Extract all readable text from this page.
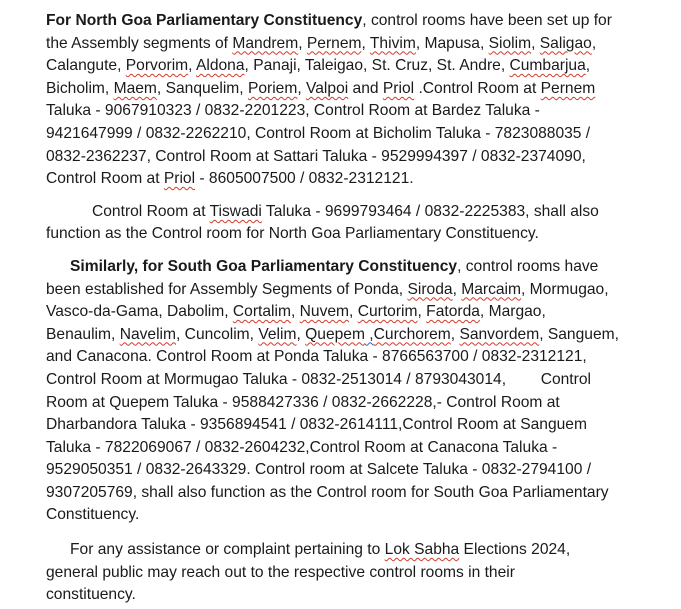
For North Goa Parliamentary Constituency, control rooms have been set up for
the Assembly segments of Mandrem, Pernem, Thivim, Mapusa, Siolim, Saligao,
Calangute, Porvorim, Aldona, Panaji, Taleigao, St. Cruz, St. Andre, Cumbarjua,
Bicholim, Maem, Sanquelim, Poriem, Valpoi and Priol .Control Room at Pernem
Taluka - 9067910323 / 0832-2201223, Control Room at Bardez Taluka -
9421647999 / 0832-2262210, Control Room at Bicholim Taluka - 7823088035 /
0832-2362237, Control Room at Sattari Taluka - 9529994397 / 0832-2374090,
Control Room at Priol - 8605007500 / 0832-2312121.
Control Room at Tiswadi Taluka - 9699793464 / 0832-2225383, shall also
function as the Control room for North Goa Parliamentary Constituency.
Similarly, for South Goa Parliamentary Constituency, control rooms have
been established for Assembly Segments of Ponda, Siroda, Marcaim, Mormugao,
Vasco-da-Gama, Dabolim, Cortalim, Nuvem, Curtorim, Fatorda, Margao,
Benaulim, Navelim, Cuncolim, Velim, Quepem ,Curchorem, Sanvordem, Sanguem,
and Canacona. Control Room at Ponda Taluka - 8766563700 / 0832-2312121,
Control Room at Mormugao Taluka - 0832-2513014 / 8793043014,        Control
Room at Quepem Taluka - 9588427336 / 0832-2662228,- Control Room at
Dharbandora Taluka - 9356894541 / 0832-2614111,Control Room at Sanguem
Taluka - 7822069067 / 0832-2604232,Control Room at Canacona Taluka -
9529050351 / 0832-2643329. Control room at Salcete Taluka - 0832-2794100 /
9307205769, shall also function as the Control room for South Goa Parliamentary
Constituency.
For any assistance or complaint pertaining to Lok Sabha Elections 2024,
general public may reach out to the respective control rooms in their
constituency.
